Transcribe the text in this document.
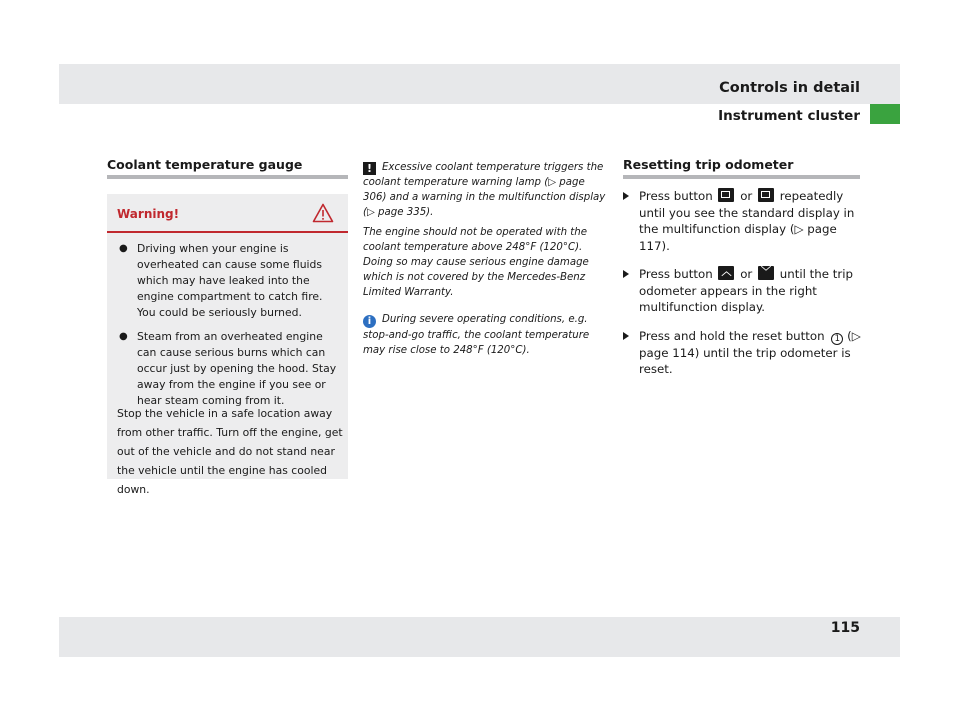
Controls in detail
Instrument cluster
Coolant temperature gauge
Warning!
● Driving when your engine is overheated can cause some fluids which may have leaked into the engine compartment to catch fire. You could be seriously burned.
● Steam from an overheated engine can cause serious burns which can occur just by opening the hood. Stay away from the engine if you see or hear steam coming from it.
Stop the vehicle in a safe location away from other traffic. Turn off the engine, get out of the vehicle and do not stand near the vehicle until the engine has cooled down.
! Excessive coolant temperature triggers the coolant temperature warning lamp (▷ page 306) and a warning in the multifunction display (▷ page 335).
The engine should not be operated with the coolant temperature above 248°F (120°C). Doing so may cause serious engine damage which is not covered by the Mercedes-Benz Limited Warranty.
i During severe operating conditions, e.g. stop-and-go traffic, the coolant temperature may rise close to 248°F (120°C).
Resetting trip odometer
Press button or repeatedly until you see the standard display in the multifunction display (▷ page 117).
Press button ︿ or ﹀ until the trip odometer appears in the right multifunction display.
Press and hold the reset button 1 (▷ page 114) until the trip odometer is reset.
115
